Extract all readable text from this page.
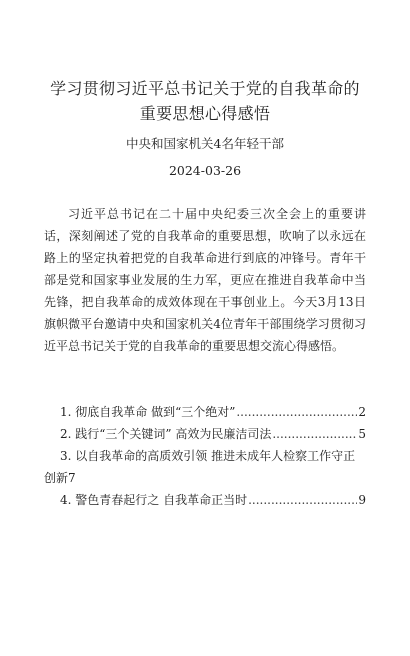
学习贯彻习近平总书记关于党的自我革命的重要思想心得感悟
中央和国家机关4名年轻干部
2024-03-26

习近平总书记在二十届中央纪委三次全会上的重要讲话，深刻阐述了党的自我革命的重要思想，吹响了以永远在路上的坚定执着把党的自我革命进行到底的冲锋号。青年干部是党和国家事业发展的生力军，更应在推进自我革命中当先锋，把自我革命的成效体现在干事创业上。今天3月13日旗帜微平台邀请中央和国家机关4位青年干部围绕学习贯彻习近平总书记关于党的自我革命的重要思想交流心得感悟。

1. 彻底自我革命 做到“三个绝对” .....	2
2. 践行“三个关键词” 高效为民廉洁司法 .....	5
3. 以自我革命的高质效引领 推进未成年人检察工作守正
创新 7
4. 警色青春起行之 自我革命正当时 .....	9
